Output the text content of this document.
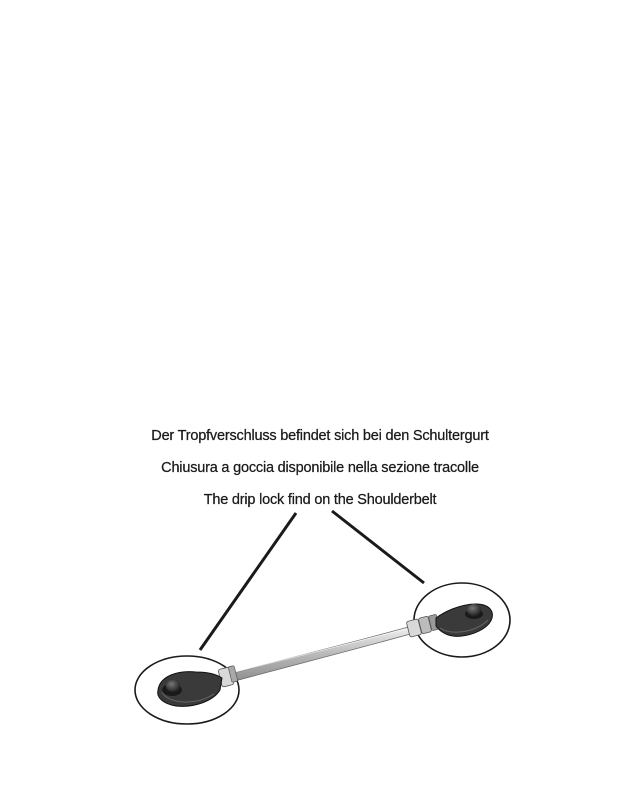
Der Tropfverschluss befindet sich bei den Schultergurt
Chiusura a goccia disponibile nella sezione tracolle
The drip lock find on the Shoulderbelt
